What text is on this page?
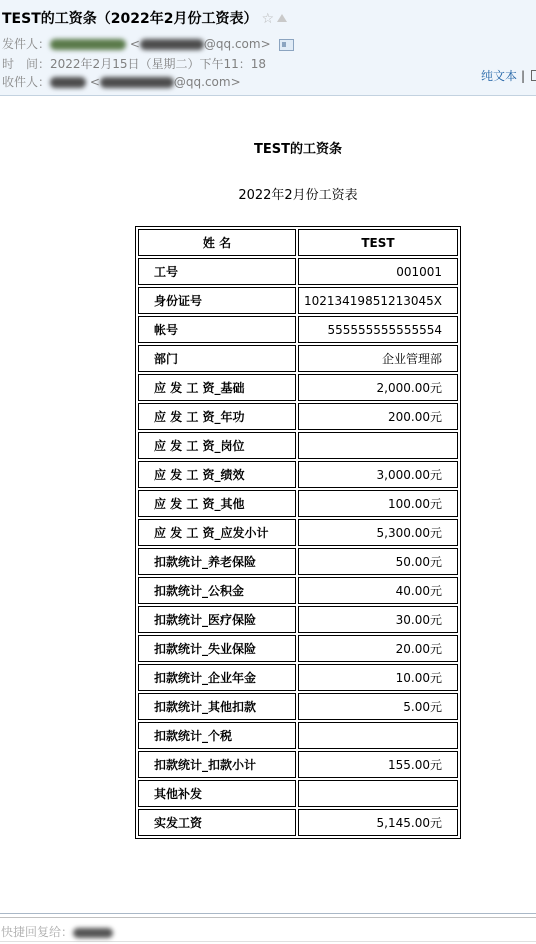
TEST的工资条（2022年2月份工资表） ☆
发件人：	<	@qq.com>
时　间：2022年2月15日（星期二）下午11：18
收件人：	<	@qq.com>	纯文本 |
TEST的工资条
2022年2月份工资表
姓 名	TEST
工号	001001
身份证号	10213419851213045X
帐号	555555555555554
部门	企业管理部
应 发 工 资_基础	2,000.00元
应 发 工 资_年功	200.00元
应 发 工 资_岗位	
应 发 工 资_绩效	3,000.00元
应 发 工 资_其他	100.00元
应 发 工 资_应发小计	5,300.00元
扣款统计_养老保险	50.00元
扣款统计_公积金	40.00元
扣款统计_医疗保险	30.00元
扣款统计_失业保险	20.00元
扣款统计_企业年金	10.00元
扣款统计_其他扣款	5.00元
扣款统计_个税	
扣款统计_扣款小计	155.00元
其他补发	
实发工资	5,145.00元
快捷回复给：
